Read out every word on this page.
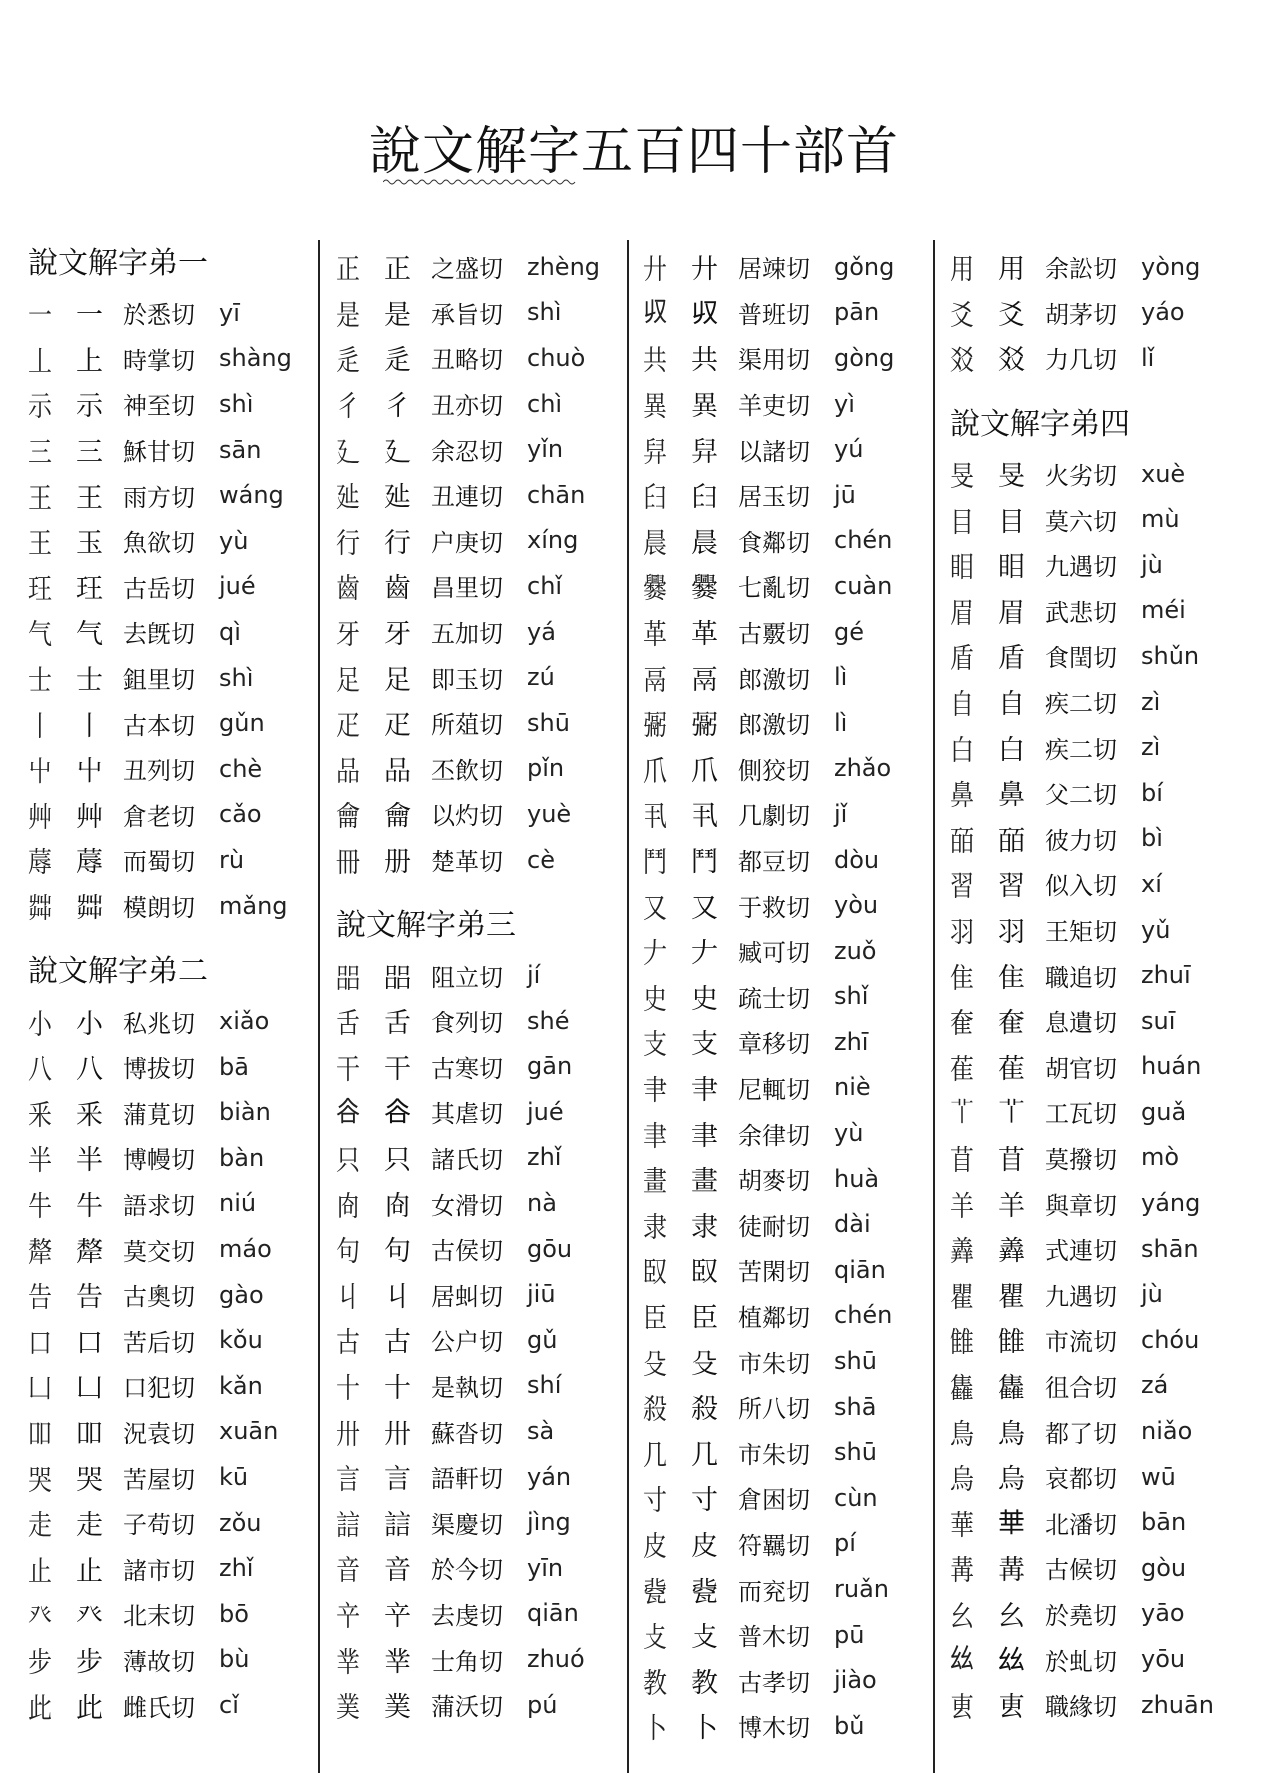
說文解字五百四十部首
說文解字弟一
一 一 於悉切	yī
丄 上 時掌切	shàng
示 示 神至切	shì
三 三 穌甘切	sān
王 王 雨方切	wáng
王 玉 魚欲切	yù
玨 玨 古岳切	jué
气 气 去旣切	qì
士 士 鉏里切	shì
丨 丨 古本切	gǔn
屮 屮 丑列切	chè
艸 艸 倉老切	cǎo
蓐 蓐 而蜀切	rù
茻 茻 模朗切	mǎng
說文解字弟二
小 小 私兆切	xiǎo
八 八 博拔切	bā
釆 釆 蒲莧切	biàn
半 半 博幔切	bàn
牛 牛 語求切	niú
犛 犛 莫交切	máo
告 告 古奧切	gào
口 口 苦后切	kǒu
凵 凵 口犯切	kǎn
吅 吅 況袁切	xuān
哭 哭 苦屋切	kū
走 走 子苟切	zǒu
止 止 諸市切	zhǐ
癶 癶 北末切	bō
步 步 薄故切	bù
此 此 雌氏切	cǐ
正 正 之盛切	zhèng
是 是 承旨切	shì
辵 辵 丑略切	chuò
彳 彳 丑亦切	chì
廴 廴 余忍切	yǐn
㢟 㢟 丑連切	chān
行 行 户庚切	xíng
齒 齒 昌里切	chǐ
牙 牙 五加切	yá
足 足 即玉切	zú
疋 疋 所葅切	shū
品 品 丕飲切	pǐn
龠 龠 以灼切	yuè
冊 册 楚革切	cè
說文解字弟三
㗊 㗊 阻立切	jí
舌 舌 食列切	shé
干 干 古寒切	gān
𧮫 𧮫 其虐切	jué
只 只 諸氏切	zhǐ
㕯 㕯 女滑切	nà
句 句 古侯切	gōu
丩 丩 居虯切	jiū
古 古 公户切	gǔ
十 十 是執切	shí
卅 卅 蘇沓切	sà
言 言 語軒切	yán
誩 誩 渠慶切	jìng
音 音 於今切	yīn
䇂 䇂 去虔切	qiān
丵 丵 士角切	zhuó
菐 菐 蒲沃切	pú
廾 廾 居竦切	gǒng
𠬞 𠬞 普班切	pān
共 共 渠用切	gòng
異 異 羊吏切	yì
舁 舁 以諸切	yú
𦥑 𦥑 居玉切	jū
晨 晨 食鄰切	chén
爨 爨 七亂切	cuàn
革 革 古覈切	gé
鬲 鬲 郎激切	lì
䰜 䰜 郎激切	lì
爪 爪 側狡切	zhǎo
丮 丮 几劇切	jǐ
鬥 鬥 都豆切	dòu
又 又 于救切	yòu
𠂇 𠂇 臧可切	zuǒ
史 史 疏士切	shǐ
支 支 章移切	zhī
𦘒 𦘒 尼輒切	niè
聿 聿 余律切	yù
畫 畫 胡麥切	huà
隶 隶 徒耐切	dài
臤 臤 苦閑切	qiān
臣 臣 植鄰切	chén
殳 殳 市朱切	shū
殺 殺 所八切	shā
几 几 市朱切	shū
寸 寸 倉困切	cùn
皮 皮 符羈切	pí
㼱 㼱 而兖切	ruǎn
攴 攴 普木切	pū
教 教 古孝切	jiào
卜 卜 博木切	bǔ
用 用 余訟切	yòng
爻 爻 胡茅切	yáo
㸚 㸚 力几切	lǐ
說文解字弟四
旻 旻 火劣切	xuè
目 目 莫六切	mù
䀠 䀠 九遇切	jù
眉 眉 武悲切	méi
盾 盾 食閏切	shǔn
自 自 疾二切	zì
白 白 疾二切	zì
鼻 鼻 父二切	bí
皕 皕 彼力切	bì
習 習 似入切	xí
羽 羽 王矩切	yǔ
隹 隹 職追切	zhuī
奞 奞 息遺切	suī
萑 萑 胡官切	huán
𦫳 𦫳 工瓦切	guǎ
苜 苜 莫撥切	mò
羊 羊 與章切	yáng
羴 羴 式連切	shān
瞿 瞿 九遇切	jù
雔 雔 市流切	chóu
雥 雥 徂合切	zá
鳥 鳥 都了切	niǎo
烏 烏 哀都切	wū
華 𠦒 北潘切	bān
冓 冓 古候切	gòu
幺 幺 於堯切	yāo
𢆶 𢆶 於虬切	yōu
叀 叀 職緣切	zhuān
